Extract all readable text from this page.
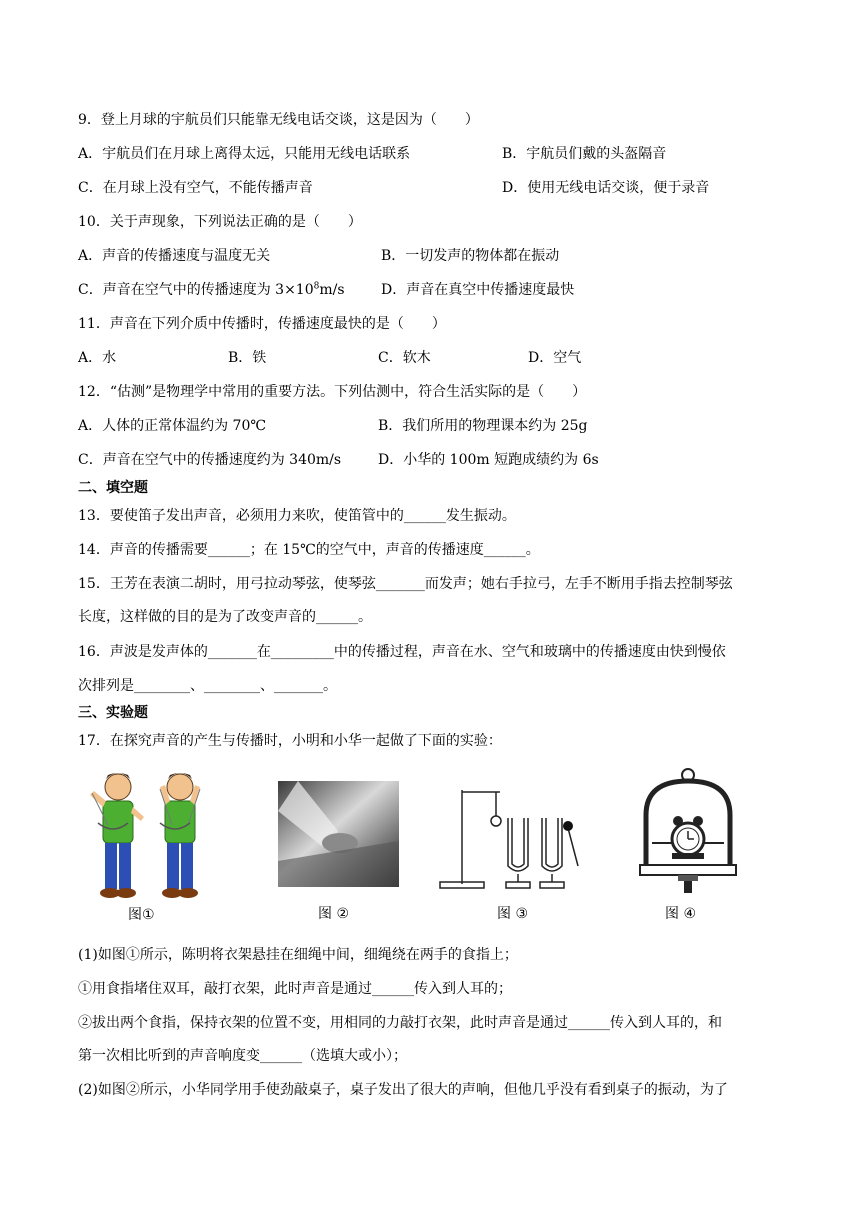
9．登上月球的宇航员们只能靠无线电话交谈，这是因为（　　）
A．宇航员们在月球上离得太远，只能用无线电话联系	B．宇航员们戴的头盔隔音
C．在月球上没有空气，不能传播声音	D．使用无线电话交谈，便于录音
10．关于声现象，下列说法正确的是（　　）
A．声音的传播速度与温度无关	B．一切发声的物体都在振动
C．声音在空气中的传播速度为 $3\times 10^8m/s$	D．声音在真空中传播速度最快
11．声音在下列介质中传播时，传播速度最快的是（　　）
A．水	B．铁	C．软木	D．空气
12．“估测”是物理学中常用的重要方法。下列估测中，符合生活实际的是（　　）
A．人体的正常体温约为 70℃	B．我们所用的物理课本约为 25g
C．声音在空气中的传播速度约为 340m/s	D．小华的 100m 短跑成绩约为 6s
二、填空题
13．要使笛子发出声音，必须用力来吹，使笛管中的______发生振动。
14．声音的传播需要______；在 15℃的空气中，声音的传播速度______。
15．王芳在表演二胡时，用弓拉动琴弦，使琴弦_______而发声；她右手拉弓，左手不断用手指去控制琴弦
长度，这样做的目的是为了改变声音的______。
16．声波是发声体的_______在_________中的传播过程，声音在水、空气和玻璃中的传播速度由快到慢依
次排列是________、________、_______。
三、实验题
17．在探究声音的产生与传播时，小明和小华一起做了下面的实验：
图①	图 ②	图 ③	图 ④
(1)如图①所示，陈明将衣架悬挂在细绳中间，细绳绕在两手的食指上；
①用食指堵住双耳，敲打衣架，此时声音是通过______传入到人耳的；
②拔出两个食指，保持衣架的位置不变，用相同的力敲打衣架，此时声音是通过______传入到人耳的，和
第一次相比听到的声音响度变______（选填大或小）；
(2)如图②所示，小华同学用手使劲敲桌子，桌子发出了很大的声响，但他几乎没有看到桌子的振动，为了
